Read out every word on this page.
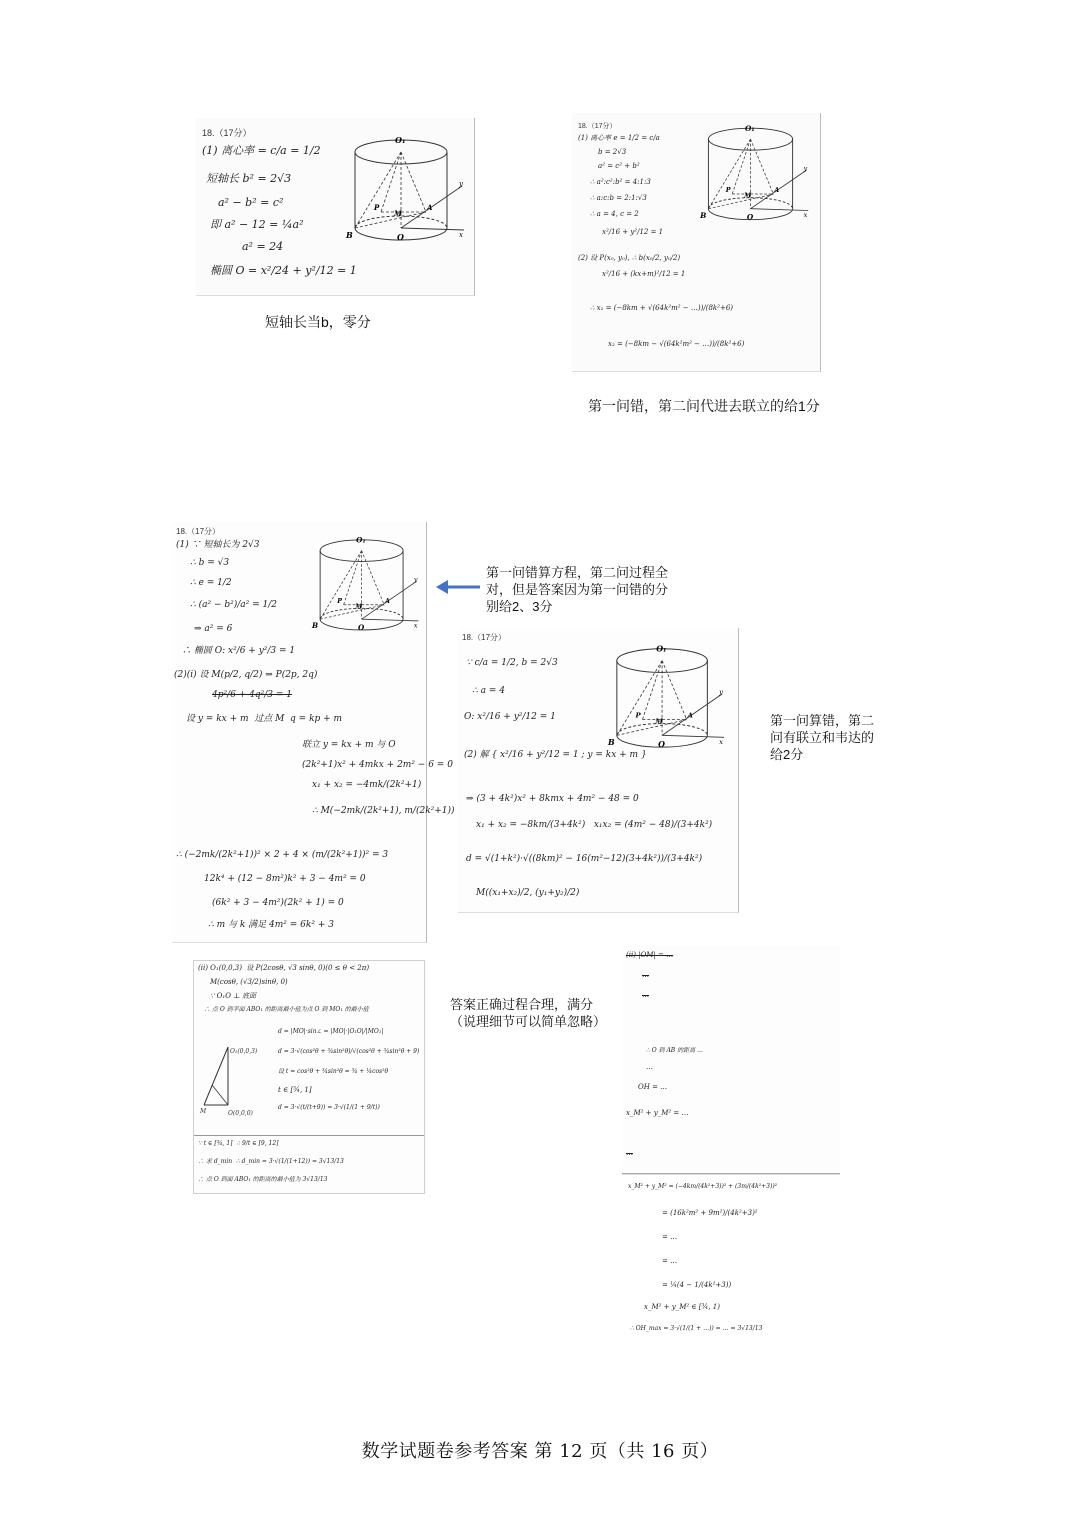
18.（17分）
(1) 离心率 = c/a = 1/2
短轴长 b² = 2√3
a² − b² = c²
即 a² − 12 = ¼a²
a² = 24
椭圆 O = x²/24 + y²/12 = 1
O₁
O
B	x
y
P
M
A
短轴长当b，零分
18.（17分）
(1) 离心率 e = 1/2 = c/a
b = 2√3
a² = c² + b²
∴ a²:c²:b² = 4:1:3
∴ a:c:b = 2:1:√3
∴ a = 4, c = 2
x²/16 + y²/12 = 1
(2) 设 P(x₀, y₀), ∴ b(x₀/2, y₀/2)
x²/16 + (kx+m)²/12 = 1
∴ x₁ = (−8km + √(64k²m² − …))/(8k²+6)
x₂ = (−8km − √(64k²m² − …))/(8k²+6)
O₁
O
B	x
y
P
M
A
第一问错，第二问代进去联立的给1分
18.（17分）
(1) ∵ 短轴长为 2√3
∴ b = √3
∴ e = 1/2
∴ (a² − b²)/a² = 1/2
⇒ a² = 6
∴ 椭圆 O: x²/6 + y²/3 = 1
(2)(i) 设 M(p/2, q/2) ⇒ P(2p, 2q)
4p²/6 + 4q²/3 = 1
设 y = kx + m  过点 M  q = kp + m
联立 y = kx + m 与 O
(2k²+1)x² + 4mkx + 2m² − 6 = 0
x₁ + x₂ = −4mk/(2k²+1)
∴ M(−2mk/(2k²+1), m/(2k²+1))
∴ (−2mk/(2k²+1))² × 2 + 4 × (m/(2k²+1))² = 3
12k⁴ + (12 − 8m²)k² + 3 − 4m² = 0
(6k² + 3 − 4m²)(2k² + 1) = 0
∴ m 与 k 满足 4m² = 6k² + 3
O₁
O
B	x
y
P
M
A
第一问错算方程，第二问过程全
对，但是答案因为第一问错的分
别给2、3分
18.（17分）
∵ c/a = 1/2, b = 2√3
∴ a = 4
O: x²/16 + y²/12 = 1
(2) 解 { x²/16 + y²/12 = 1 ; y = kx + m }
⇒ (3 + 4k²)x² + 8kmx + 4m² − 48 = 0
x₁ + x₂ = −8km/(3+4k²)   x₁x₂ = (4m² − 48)/(3+4k²)
d = √(1+k²)·√((8km)² − 16(m²−12)(3+4k²))/(3+4k²)
M((x₁+x₂)/2, (y₁+y₂)/2)
O₁
O
B	x
y
P
M
A	第一问算错，第二
问有联立和韦达的
给2分
(ii) O₁(0,0,3)  设 P(2cosθ, √3 sinθ, 0)(0 ≤ θ < 2π)
M(cosθ, (√3/2)sinθ, 0)
∵ O₁O ⊥ 底面
∴ 点 O 到平面 ABO₁ 的距离最小值为点 O 到 MO₁ 的最小值
d = |MO|·sin∠ = |MO|·|O₁O|/|MO₁|
d = 3·√(cos²θ + ¾sin²θ)/√(cos²θ + ¾sin²θ + 9)
设 t = cos²θ + ¾sin²θ = ¾ + ¼cos²θ
t ∈ [¾, 1]
d = 3·√(t/(t+9)) = 3·√(1/(1 + 9/t))
∵ t ∈ [¾, 1]  ∴ 9/t ∈ [9, 12]
∴ 求 d_min  ∴ d_min = 3·√(1/(1+12)) = 3√13/13
∴ 点 O 到面 ABO₁ 的距离的最小值为 3√13/13
O₁(0,0,3)
M	O(0,0,0)
答案正确过程合理，满分
（说理细节可以简单忽略）
(ii) |OM| = …
…
…
∴ O 到 AB 的距离 …
…
OH = …
x_M² + y_M² = …
…
x_M² + y_M² = (−4km/(4k²+3))² + (3m/(4k²+3))²
= (16k²m² + 9m²)/(4k²+3)²
= …
= …
= ¼(4 − 1/(4k²+3))
x_M² + y_M² ∈ [¾, 1)
∴ OH_max = 3·√(1/(1 + …)) = … = 3√13/13
数学试题卷参考答案 第 12 页（共 16 页）
